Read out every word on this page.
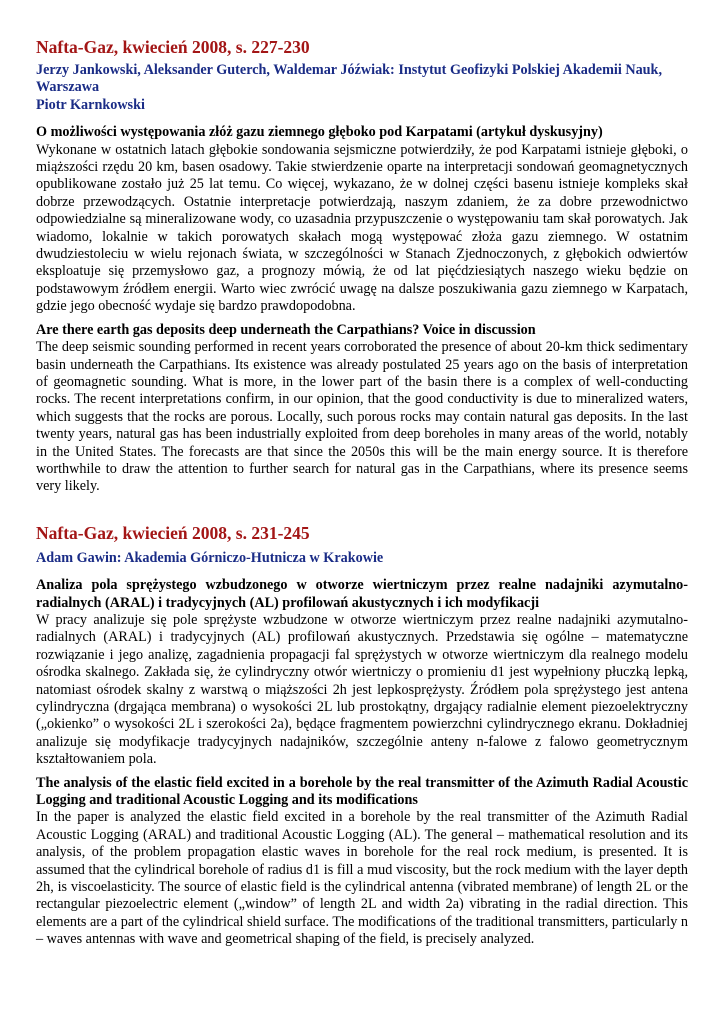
Nafta-Gaz, kwiecień 2008, s. 227-230

Jerzy Jankowski, Aleksander Guterch, Waldemar Jóźwiak: Instytut Geofizyki Polskiej Akademii Nauk, Warszawa

Piotr Karnkowski

O możliwości występowania złóż gazu ziemnego głęboko pod Karpatami (artykuł dyskusyjny)

Wykonane w ostatnich latach głębokie sondowania sejsmiczne potwierdziły, że pod Karpatami istnieje głęboki, o miąższości rzędu 20 km, basen osadowy. Takie stwierdzenie oparte na interpretacji sondowań geomagnetycznych opublikowane zostało już 25 lat temu. Co więcej, wykazano, że w dolnej części basenu istnieje kompleks skał dobrze przewodzących. Ostatnie interpretacje potwierdzają, naszym zdaniem, że za dobre przewodnictwo odpowiedzialne są mineralizowane wody, co uzasadnia przypuszczenie o występowaniu tam skał porowatych. Jak wiadomo, lokalnie w takich porowatych skałach mogą występować złoża gazu ziemnego. W ostatnim dwudziestoleciu w wielu rejonach świata, w szczególności w Stanach Zjednoczonych, z głębokich odwiertów eksploatuje się przemysłowo gaz, a prognozy mówią, że od lat pięćdziesiątych naszego wieku będzie on podstawowym źródłem energii. Warto wiec zwrócić uwagę na dalsze poszukiwania gazu ziemnego w Karpatach, gdzie jego obecność wydaje się bardzo prawdopodobna.

Are there earth gas deposits deep underneath the Carpathians? Voice in discussion

The deep seismic sounding performed in recent years corroborated the presence of about 20-km thick sedimentary basin underneath the Carpathians. Its existence was already postulated 25 years ago on the basis of interpretation of geomagnetic sounding. What is more, in the lower part of the basin there is a complex of well-conducting rocks. The recent interpretations confirm, in our opinion, that the good conductivity is due to mineralized waters, which suggests that the rocks are porous. Locally, such porous rocks may contain natural gas deposits. In the last twenty years, natural gas has been industrially exploited from deep boreholes in many areas of the world, notably in the United States. The forecasts are that since the 2050s this will be the main energy source. It is therefore worthwhile to draw the attention to further search for natural gas in the Carpathians, where its presence seems very likely.

Nafta-Gaz, kwiecień 2008, s. 231-245

Adam Gawin: Akademia Górniczo-Hutnicza w Krakowie

Analiza pola sprężystego wzbudzonego w otworze wiertniczym przez realne nadajniki azymutalno-radialnych (ARAL) i tradycyjnych (AL) profilowań akustycznych i ich modyfikacji

W pracy analizuje się pole sprężyste wzbudzone w otworze wiertniczym przez realne nadajniki azymutalno-radialnych (ARAL) i tradycyjnych (AL) profilowań akustycznych. Przedstawia się ogólne – matematyczne rozwiązanie i jego analizę, zagadnienia propagacji fal sprężystych w otworze wiertniczym dla realnego modelu ośrodka skalnego. Zakłada się, że cylindryczny otwór wiertniczy o promieniu d1 jest wypełniony płuczką lepką, natomiast ośrodek skalny z warstwą o miąższości 2h jest lepkosprężysty. Źródłem pola sprężystego jest antena cylindryczna (drgająca membrana) o wysokości 2L lub prostokątny, drgający radialnie element piezoelektryczny („okienko” o wysokości 2L i szerokości 2a), będące fragmentem powierzchni cylindrycznego ekranu. Dokładniej analizuje się modyfikacje tradycyjnych nadajników, szczególnie anteny n-falowe z falowo geometrycznym kształtowaniem pola.

The analysis of the elastic field excited in a borehole by the real transmitter of the Azimuth Radial Acoustic Logging and traditional Acoustic Logging and its modifications

In the paper is analyzed the elastic field excited in a borehole by the real transmitter of the Azimuth Radial Acoustic Logging (ARAL) and traditional Acoustic Logging (AL). The general – mathematical resolution and its analysis, of the problem propagation elastic waves in borehole for the real rock medium, is presented. It is assumed that the cylindrical borehole of radius d1 is fill a mud viscosity, but the rock medium with the layer depth 2h, is viscoelasticity. The source of elastic field is the cylindrical antenna (vibrated membrane) of length 2L or the rectangular piezoelectric element („window” of length 2L and width 2a) vibrating in the radial direction. This elements are a part of the cylindrical shield surface. The modifications of the traditional transmitters, particularly n – waves antennas with wave and geometrical shaping of the field, is precisely analyzed.
